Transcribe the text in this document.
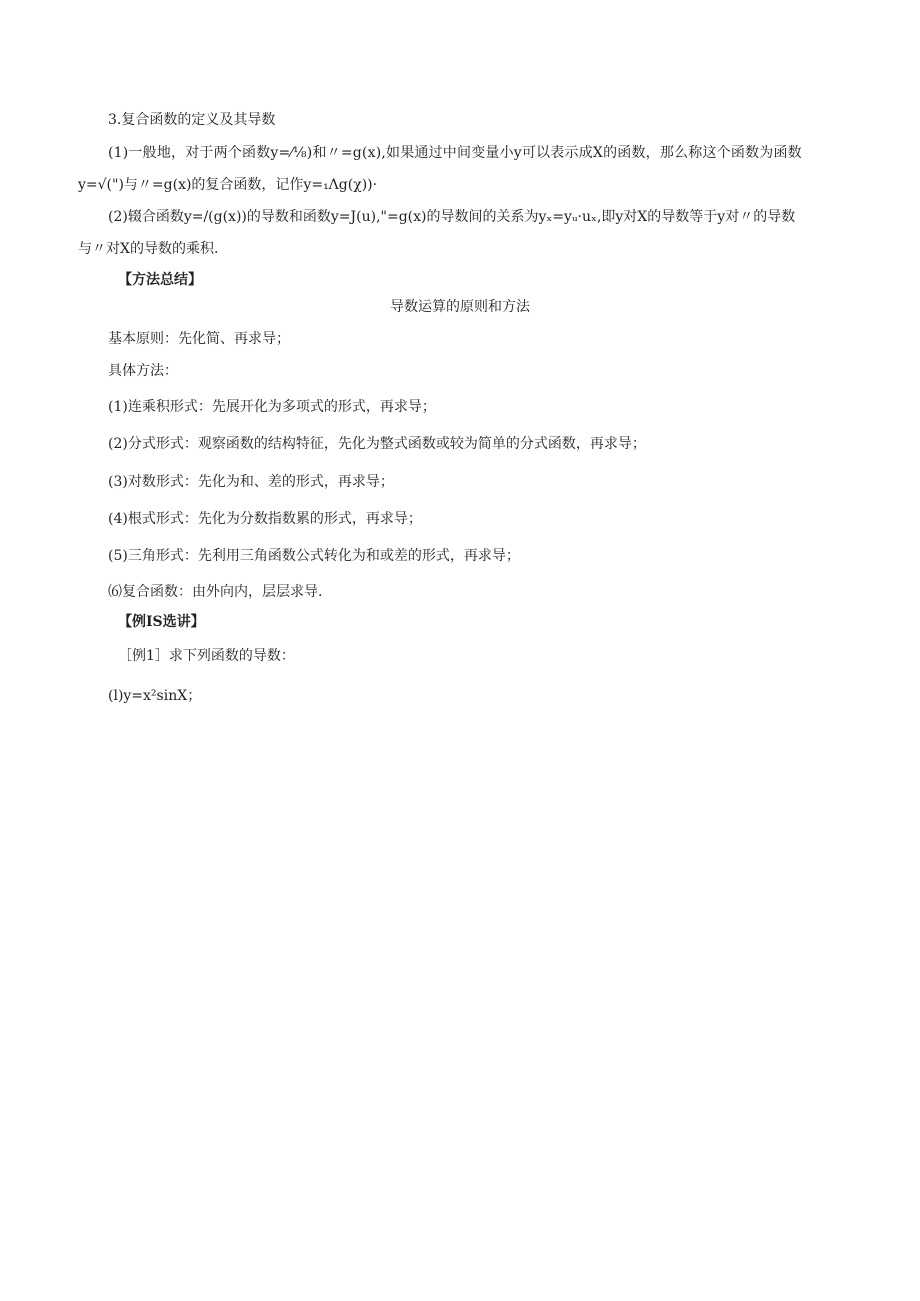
3.复合函数的定义及其导数
(1)一般地，对于两个函数y=⁄⅛)和〃=g(x),如果通过中间变量小y可以表示成X的函数，那么称这个函数为函数
y=√(")与〃=g(x)的复合函数，记作y=₁Λg(χ))·
(2)辍合函数y=/(g(x))的导数和函数y=J(u),"=g(x)的导数间的关系为yₓ=yᵤ·uₓ,即y对X的导数等于y对〃的导数
与〃对X的导数的乘积.
【方法总结】
导数运算的原则和方法
基本原则：先化简、再求导；
具体方法：
(1)连乘积形式：先展开化为多项式的形式，再求导；
(2)分式形式：观察函数的结构特征，先化为整式函数或较为简单的分式函数，再求导；
(3)对数形式：先化为和、差的形式，再求导；
(4)根式形式：先化为分数指数累的形式，再求导；
(5)三角形式：先利用三角函数公式转化为和或差的形式，再求导；
⑹复合函数：由外向内，层层求导.
【例IS选讲】
［例1］求下列函数的导数：
(l)y=x²sinX；
